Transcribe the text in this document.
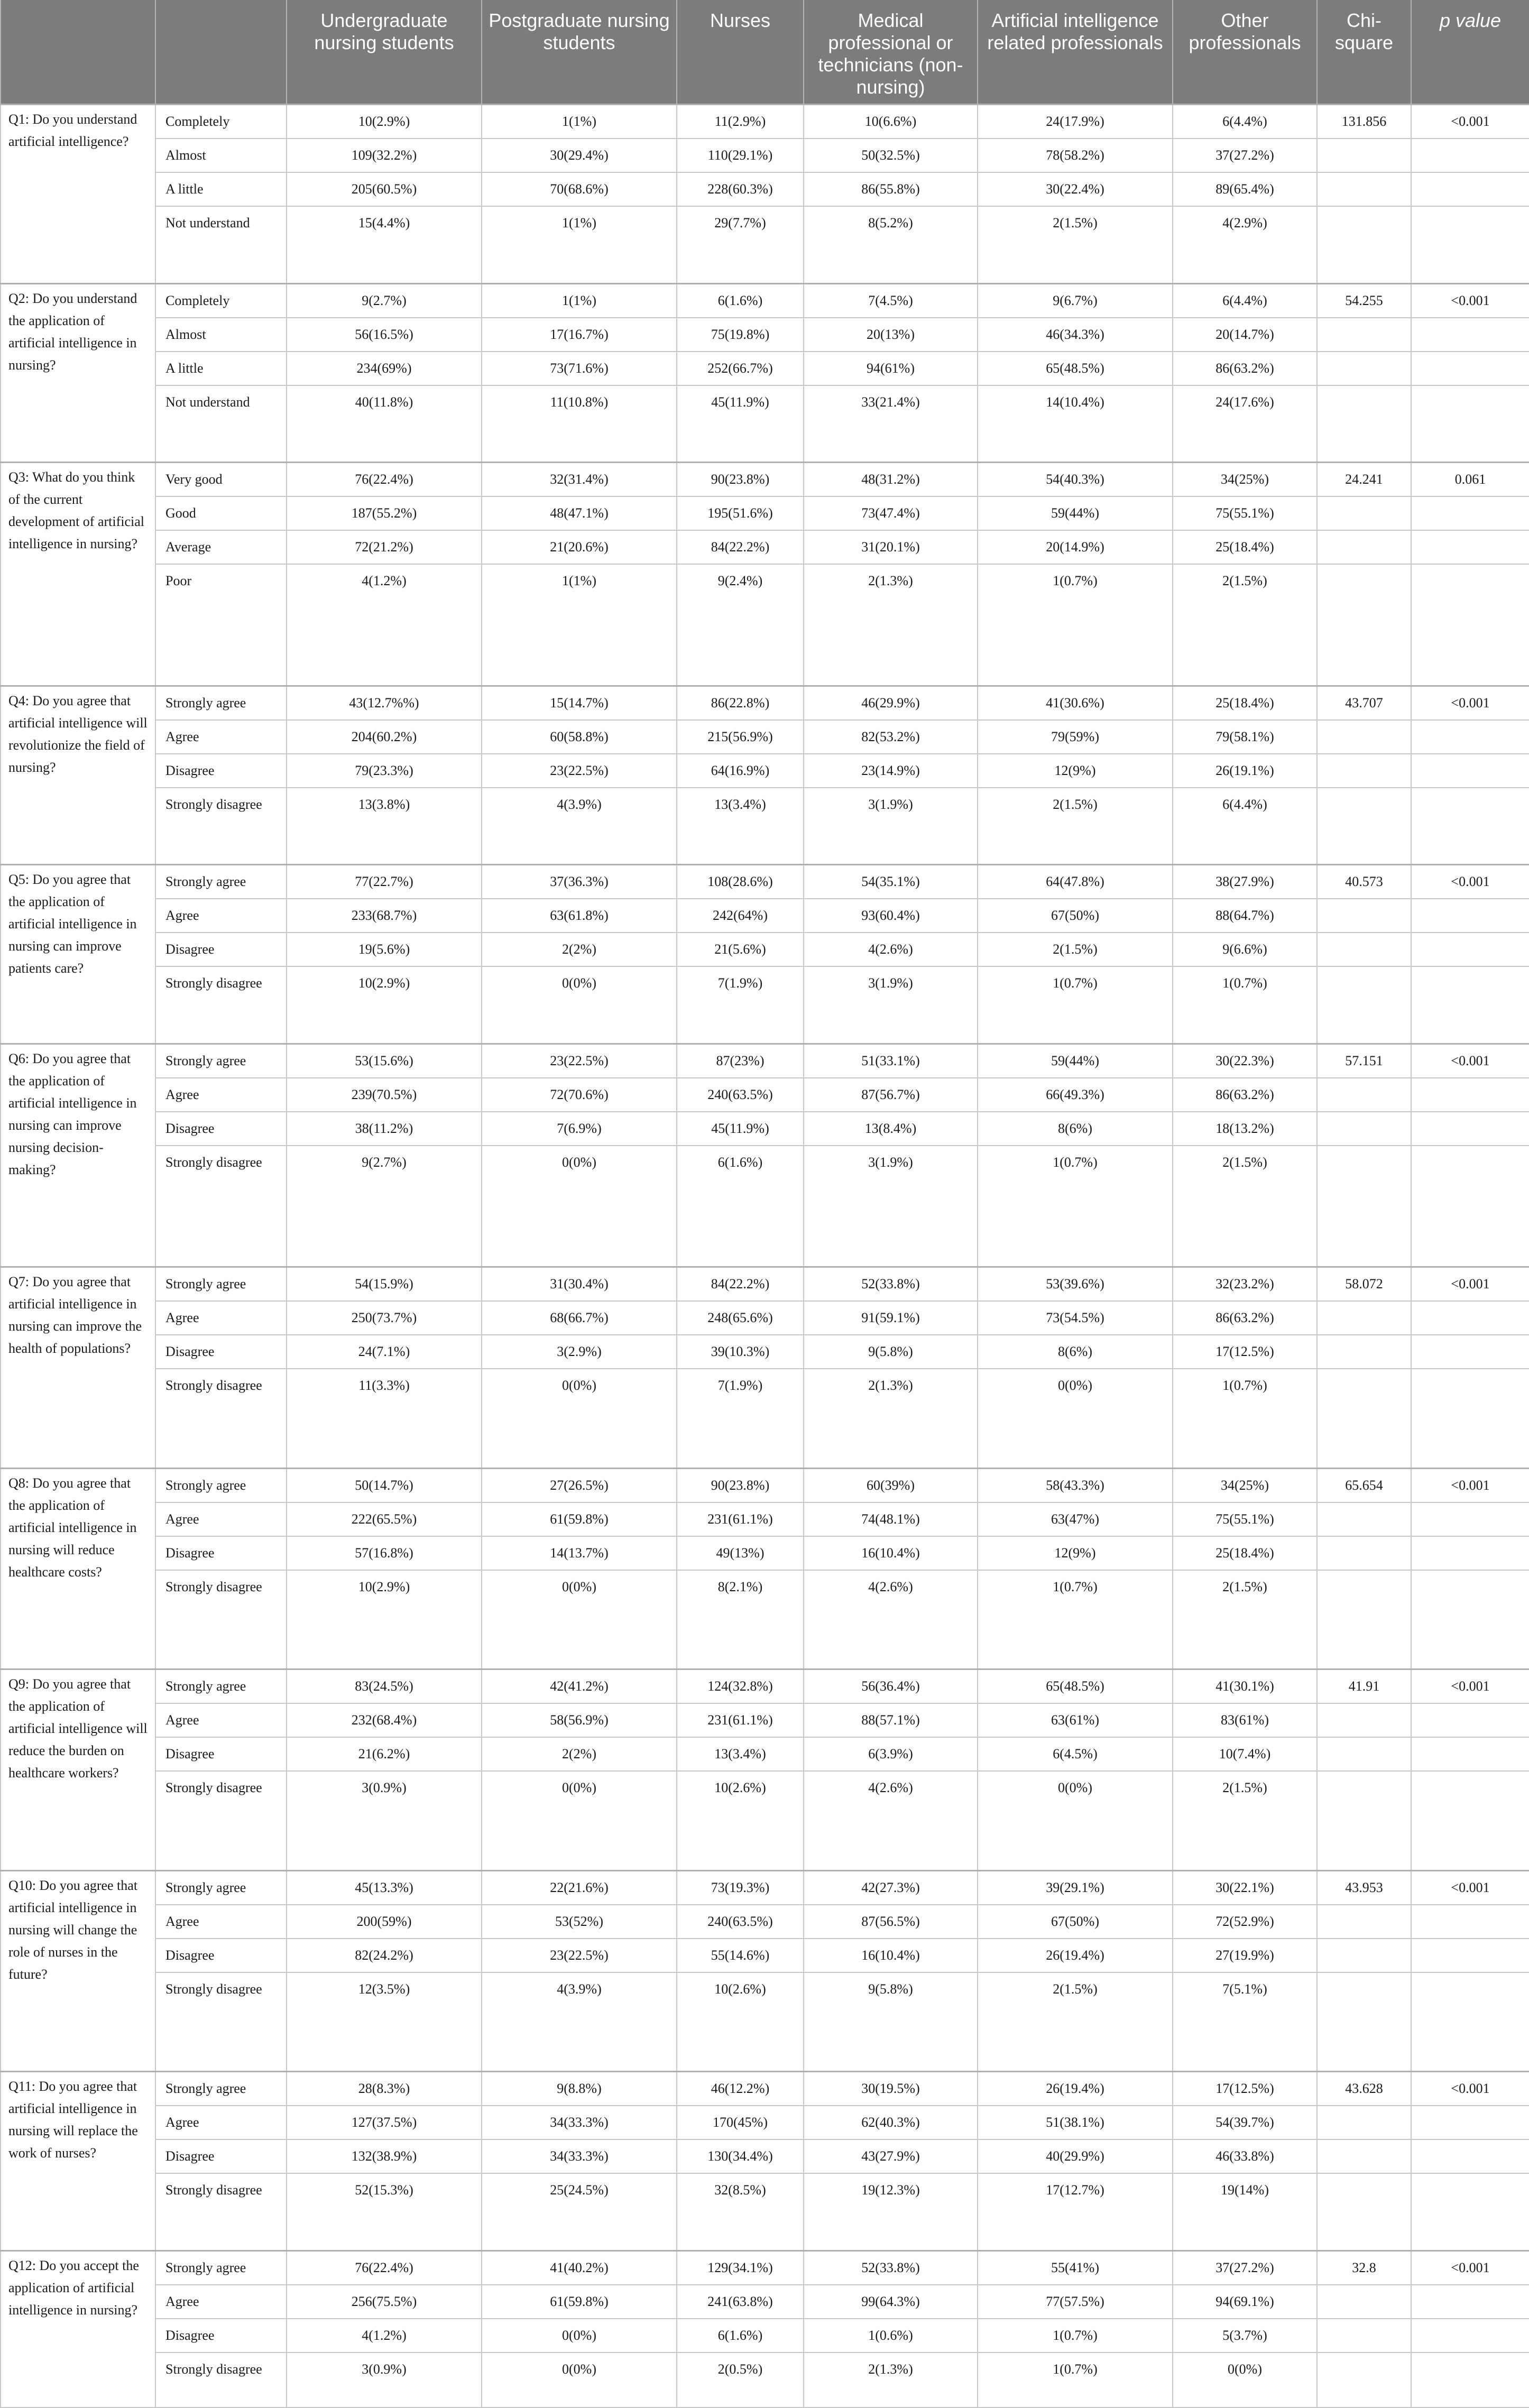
		Undergraduate nursing students	Postgraduate nursing students	Nurses	Medical professional or technicians (non-nursing)	Artificial intelligence related professionals	Other professionals	Chi-square	p value
Q1: Do you understand artificial intelligence?	Completely	10(2.9%)	1(1%)	11(2.9%)	10(6.6%)	24(17.9%)	6(4.4%)	131.856	<0.001
	Almost	109(32.2%)	30(29.4%)	110(29.1%)	50(32.5%)	78(58.2%)	37(27.2%)		
	A little	205(60.5%)	70(68.6%)	228(60.3%)	86(55.8%)	30(22.4%)	89(65.4%)		
	Not understand	15(4.4%)	1(1%)	29(7.7%)	8(5.2%)	2(1.5%)	4(2.9%)		
Q2: Do you understand the application of artificial intelligence in nursing?	Completely	9(2.7%)	1(1%)	6(1.6%)	7(4.5%)	9(6.7%)	6(4.4%)	54.255	<0.001
	Almost	56(16.5%)	17(16.7%)	75(19.8%)	20(13%)	46(34.3%)	20(14.7%)		
	A little	234(69%)	73(71.6%)	252(66.7%)	94(61%)	65(48.5%)	86(63.2%)		
	Not understand	40(11.8%)	11(10.8%)	45(11.9%)	33(21.4%)	14(10.4%)	24(17.6%)		
Q3: What do you think of the current development of artificial intelligence in nursing?	Very good	76(22.4%)	32(31.4%)	90(23.8%)	48(31.2%)	54(40.3%)	34(25%)	24.241	0.061
	Good	187(55.2%)	48(47.1%)	195(51.6%)	73(47.4%)	59(44%)	75(55.1%)		
	Average	72(21.2%)	21(20.6%)	84(22.2%)	31(20.1%)	20(14.9%)	25(18.4%)		
	Poor	4(1.2%)	1(1%)	9(2.4%)	2(1.3%)	1(0.7%)	2(1.5%)		
Q4: Do you agree that artificial intelligence will revolutionize the field of nursing?	Strongly agree	43(12.7%%)	15(14.7%)	86(22.8%)	46(29.9%)	41(30.6%)	25(18.4%)	43.707	<0.001
	Agree	204(60.2%)	60(58.8%)	215(56.9%)	82(53.2%)	79(59%)	79(58.1%)		
	Disagree	79(23.3%)	23(22.5%)	64(16.9%)	23(14.9%)	12(9%)	26(19.1%)		
	Strongly disagree	13(3.8%)	4(3.9%)	13(3.4%)	3(1.9%)	2(1.5%)	6(4.4%)		
Q5: Do you agree that the application of artificial intelligence in nursing can improve patients care?	Strongly agree	77(22.7%)	37(36.3%)	108(28.6%)	54(35.1%)	64(47.8%)	38(27.9%)	40.573	<0.001
	Agree	233(68.7%)	63(61.8%)	242(64%)	93(60.4%)	67(50%)	88(64.7%)		
	Disagree	19(5.6%)	2(2%)	21(5.6%)	4(2.6%)	2(1.5%)	9(6.6%)		
	Strongly disagree	10(2.9%)	0(0%)	7(1.9%)	3(1.9%)	1(0.7%)	1(0.7%)		
Q6: Do you agree that the application of artificial intelligence in nursing can improve nursing decision-making?	Strongly agree	53(15.6%)	23(22.5%)	87(23%)	51(33.1%)	59(44%)	30(22.3%)	57.151	<0.001
	Agree	239(70.5%)	72(70.6%)	240(63.5%)	87(56.7%)	66(49.3%)	86(63.2%)		
	Disagree	38(11.2%)	7(6.9%)	45(11.9%)	13(8.4%)	8(6%)	18(13.2%)		
	Strongly disagree	9(2.7%)	0(0%)	6(1.6%)	3(1.9%)	1(0.7%)	2(1.5%)		
Q7: Do you agree that artificial intelligence in nursing can improve the health of populations?	Strongly agree	54(15.9%)	31(30.4%)	84(22.2%)	52(33.8%)	53(39.6%)	32(23.2%)	58.072	<0.001
	Agree	250(73.7%)	68(66.7%)	248(65.6%)	91(59.1%)	73(54.5%)	86(63.2%)		
	Disagree	24(7.1%)	3(2.9%)	39(10.3%)	9(5.8%)	8(6%)	17(12.5%)		
	Strongly disagree	11(3.3%)	0(0%)	7(1.9%)	2(1.3%)	0(0%)	1(0.7%)		
Q8: Do you agree that the application of artificial intelligence in nursing will reduce healthcare costs?	Strongly agree	50(14.7%)	27(26.5%)	90(23.8%)	60(39%)	58(43.3%)	34(25%)	65.654	<0.001
	Agree	222(65.5%)	61(59.8%)	231(61.1%)	74(48.1%)	63(47%)	75(55.1%)		
	Disagree	57(16.8%)	14(13.7%)	49(13%)	16(10.4%)	12(9%)	25(18.4%)		
	Strongly disagree	10(2.9%)	0(0%)	8(2.1%)	4(2.6%)	1(0.7%)	2(1.5%)		
Q9: Do you agree that the application of artificial intelligence will reduce the burden on healthcare workers?	Strongly agree	83(24.5%)	42(41.2%)	124(32.8%)	56(36.4%)	65(48.5%)	41(30.1%)	41.91	<0.001
	Agree	232(68.4%)	58(56.9%)	231(61.1%)	88(57.1%)	63(61%)	83(61%)		
	Disagree	21(6.2%)	2(2%)	13(3.4%)	6(3.9%)	6(4.5%)	10(7.4%)		
	Strongly disagree	3(0.9%)	0(0%)	10(2.6%)	4(2.6%)	0(0%)	2(1.5%)		
Q10: Do you agree that artificial intelligence in nursing will change the role of nurses in the future?	Strongly agree	45(13.3%)	22(21.6%)	73(19.3%)	42(27.3%)	39(29.1%)	30(22.1%)	43.953	<0.001
	Agree	200(59%)	53(52%)	240(63.5%)	87(56.5%)	67(50%)	72(52.9%)		
	Disagree	82(24.2%)	23(22.5%)	55(14.6%)	16(10.4%)	26(19.4%)	27(19.9%)		
	Strongly disagree	12(3.5%)	4(3.9%)	10(2.6%)	9(5.8%)	2(1.5%)	7(5.1%)		
Q11: Do you agree that artificial intelligence in nursing will replace the work of nurses?	Strongly agree	28(8.3%)	9(8.8%)	46(12.2%)	30(19.5%)	26(19.4%)	17(12.5%)	43.628	<0.001
	Agree	127(37.5%)	34(33.3%)	170(45%)	62(40.3%)	51(38.1%)	54(39.7%)		
	Disagree	132(38.9%)	34(33.3%)	130(34.4%)	43(27.9%)	40(29.9%)	46(33.8%)		
	Strongly disagree	52(15.3%)	25(24.5%)	32(8.5%)	19(12.3%)	17(12.7%)	19(14%)		
Q12: Do you accept the application of artificial intelligence in nursing?	Strongly agree	76(22.4%)	41(40.2%)	129(34.1%)	52(33.8%)	55(41%)	37(27.2%)	32.8	<0.001
	Agree	256(75.5%)	61(59.8%)	241(63.8%)	99(64.3%)	77(57.5%)	94(69.1%)		
	Disagree	4(1.2%)	0(0%)	6(1.6%)	1(0.6%)	1(0.7%)	5(3.7%)		
	Strongly disagree	3(0.9%)	0(0%)	2(0.5%)	2(1.3%)	1(0.7%)	0(0%)		
